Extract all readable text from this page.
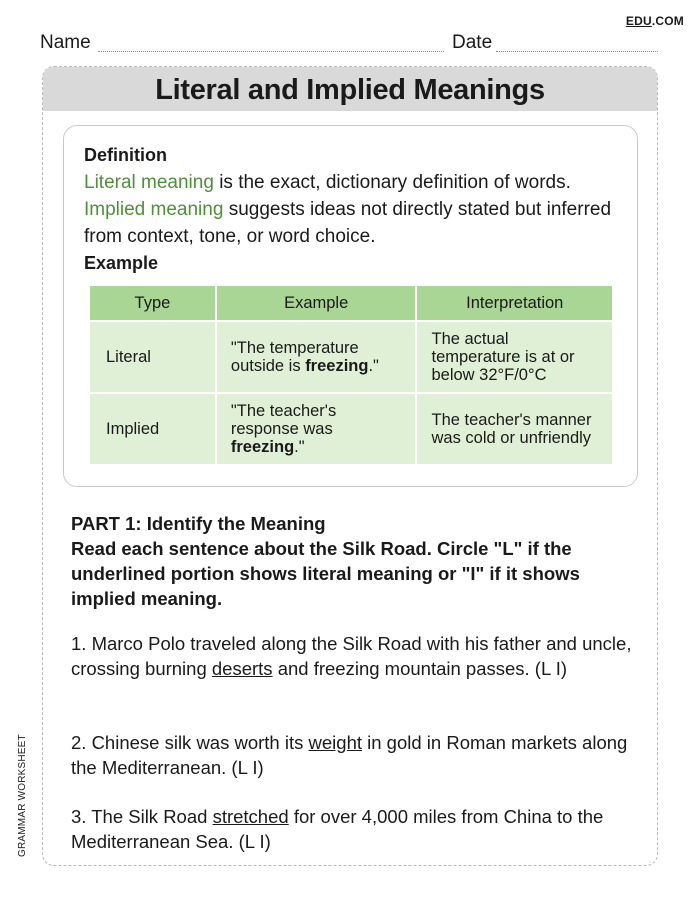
EDU.COM
Name	Date
Literal and Implied Meanings
Definition
Literal meaning is the exact, dictionary definition of words.
Implied meaning suggests ideas not directly stated but inferred from context, tone, or word choice.
Example
Type	Example	Interpretation
Literal	"The temperature outside is freezing."	The actual temperature is at or below 32°F/0°C
Implied	"The teacher's response was freezing."	The teacher's manner was cold or unfriendly
PART 1: Identify the Meaning
Read each sentence about the Silk Road. Circle "L" if the underlined portion shows literal meaning or "I" if it shows implied meaning.
1. Marco Polo traveled along the Silk Road with his father and uncle, crossing burning deserts and freezing mountain passes. (L I)
2. Chinese silk was worth its weight in gold in Roman markets along the Mediterranean. (L I)
3. The Silk Road stretched for over 4,000 miles from China to the Mediterranean Sea. (L I)
GRAMMAR WORKSHEET
